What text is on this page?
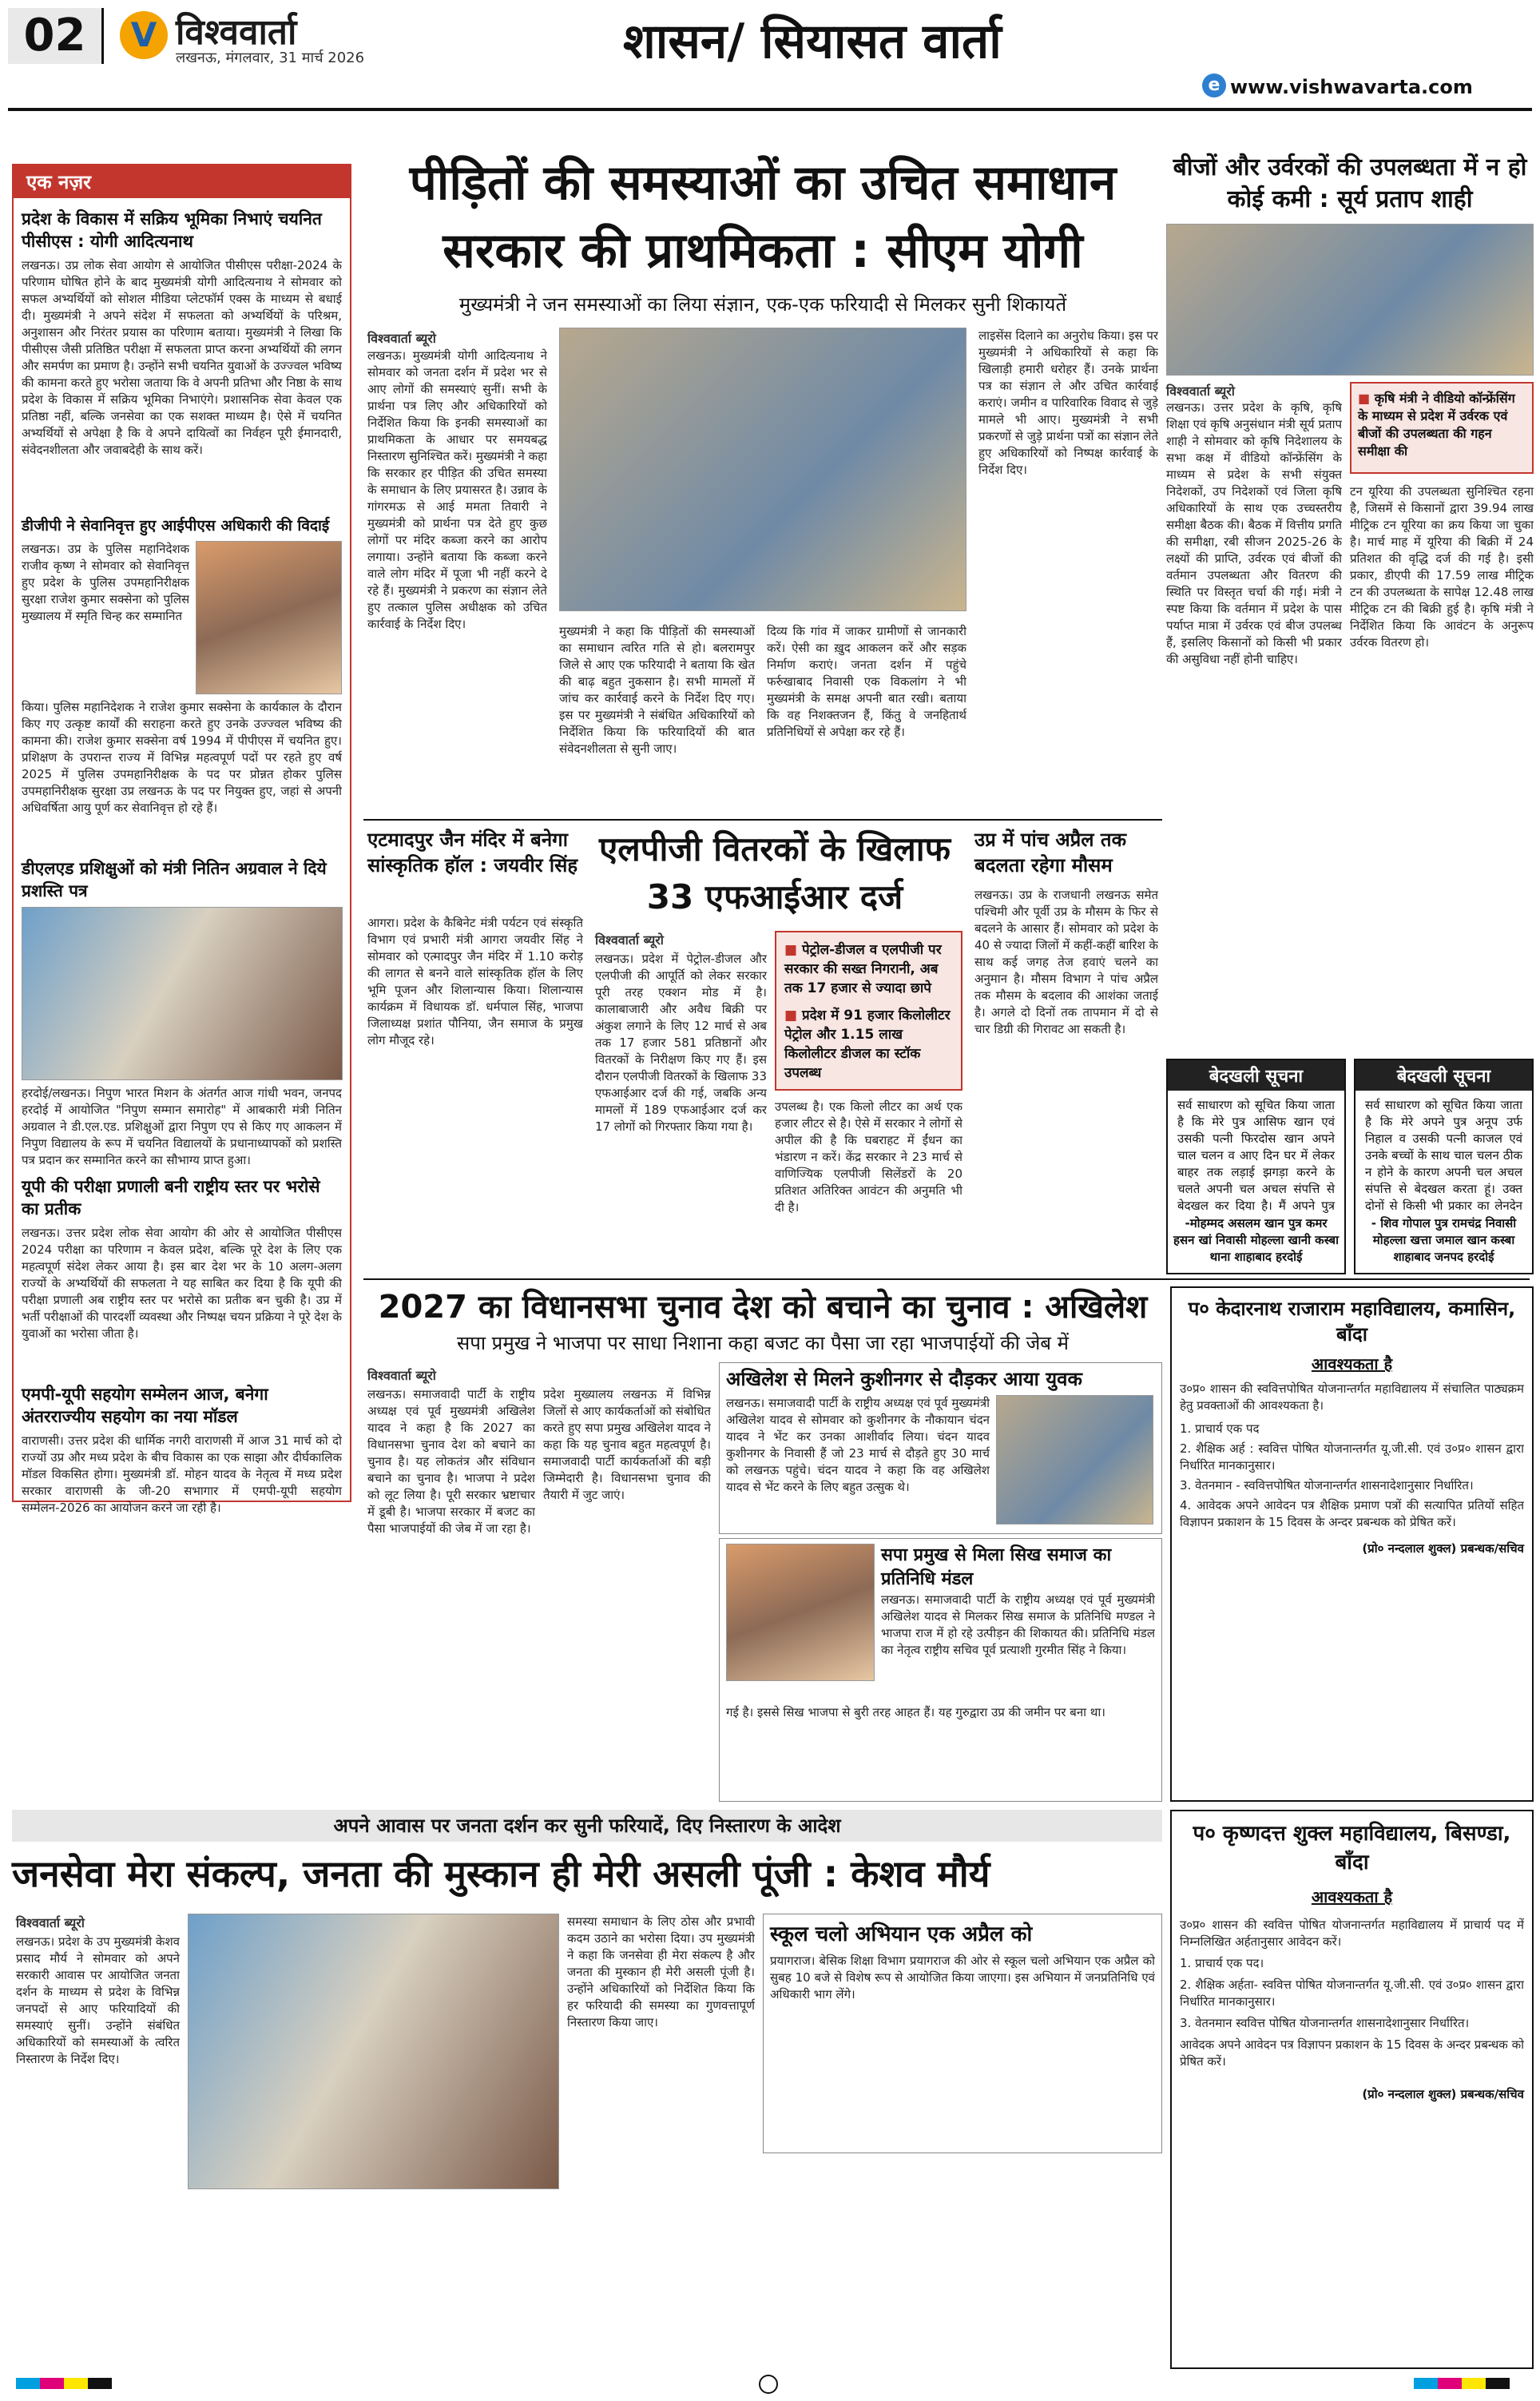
02	V विश्ववार्ता
लखनऊ, मंगलवार, 31 मार्च 2026	शासन/ सियासत वार्ता
e www.vishwavarta.com
एक नज़र
प्रदेश के विकास में सक्रिय भूमिका निभाएं चयनित पीसीएस : योगी आदित्यनाथ
लखनऊ। उप्र लोक सेवा आयोग से आयोजित पीसीएस परीक्षा-2024 के परिणाम घोषित होने के बाद मुख्यमंत्री योगी आदित्यनाथ ने सोमवार को सफल अभ्यर्थियों को सोशल मीडिया प्लेटफॉर्म एक्स के माध्यम से बधाई दी। मुख्यमंत्री ने अपने संदेश में सफलता को अभ्यर्थियों के परिश्रम, अनुशासन और निरंतर प्रयास का परिणाम बताया। मुख्यमंत्री ने लिखा कि पीसीएस जैसी प्रतिष्ठित परीक्षा में सफलता प्राप्त करना अभ्यर्थियों की लगन और समर्पण का प्रमाण है। उन्होंने सभी चयनित युवाओं के उज्ज्वल भविष्य की कामना करते हुए भरोसा जताया कि वे अपनी प्रतिभा और निष्ठा के साथ प्रदेश के विकास में सक्रिय भूमिका निभाएंगे। प्रशासनिक सेवा केवल एक प्रतिष्ठा नहीं, बल्कि जनसेवा का एक सशक्त माध्यम है। ऐसे में चयनित अभ्यर्थियों से अपेक्षा है कि वे अपने दायित्वों का निर्वहन पूरी ईमानदारी, संवेदनशीलता और जवाबदेही के साथ करें।
डीजीपी ने सेवानिवृत्त हुए आईपीएस अधिकारी की विदाई
लखनऊ। उप्र के पुलिस महानिदेशक राजीव कृष्ण ने सोमवार को सेवानिवृत्त हुए प्रदेश के पुलिस उपमहानिरीक्षक सुरक्षा राजेश कुमार सक्सेना को पुलिस मुख्यालय में स्मृति चिन्ह कर सम्मानित
किया। पुलिस महानिदेशक ने राजेश कुमार सक्सेना के कार्यकाल के दौरान किए गए उत्कृष्ट कार्यों की सराहना करते हुए उनके उज्ज्वल भविष्य की कामना की। राजेश कुमार सक्सेना वर्ष 1994 में पीपीएस में चयनित हुए। प्रशिक्षण के उपरान्त राज्य में विभिन्न महत्वपूर्ण पदों पर रहते हुए वर्ष 2025 में पुलिस उपमहानिरीक्षक के पद पर प्रोन्नत होकर पुलिस उपमहानिरीक्षक सुरक्षा उप्र लखनऊ के पद पर नियुक्त हुए, जहां से अपनी अधिवर्षिता आयु पूर्ण कर सेवानिवृत्त हो रहे हैं।
डीएलएड प्रशिक्षुओं को मंत्री नितिन अग्रवाल ने दिये प्रशस्ति पत्र
हरदोई/लखनऊ। निपुण भारत मिशन के अंतर्गत आज गांधी भवन, जनपद हरदोई में आयोजित "निपुण सम्मान समारोह" में आबकारी मंत्री नितिन अग्रवाल ने डी.एल.एड. प्रशिक्षुओं द्वारा निपुण एप से किए गए आकलन में निपुण विद्यालय के रूप में चयनित विद्यालयों के प्रधानाध्यापकों को प्रशस्ति पत्र प्रदान कर सम्मानित करने का सौभाग्य प्राप्त हुआ।
यूपी की परीक्षा प्रणाली बनी राष्ट्रीय स्तर पर भरोसे का प्रतीक
लखनऊ। उत्तर प्रदेश लोक सेवा आयोग की ओर से आयोजित पीसीएस 2024 परीक्षा का परिणाम न केवल प्रदेश, बल्कि पूरे देश के लिए एक महत्वपूर्ण संदेश लेकर आया है। इस बार देश भर के 10 अलग-अलग राज्यों के अभ्यर्थियों की सफलता ने यह साबित कर दिया है कि यूपी की परीक्षा प्रणाली अब राष्ट्रीय स्तर पर भरोसे का प्रतीक बन चुकी है। उप्र में भर्ती परीक्षाओं की पारदर्शी व्यवस्था और निष्पक्ष चयन प्रक्रिया ने पूरे देश के युवाओं का भरोसा जीता है।
एमपी-यूपी सहयोग सम्मेलन आज, बनेगा अंतरराज्यीय सहयोग का नया मॉडल
वाराणसी। उत्तर प्रदेश की धार्मिक नगरी वाराणसी में आज 31 मार्च को दो राज्यों उप्र और मध्य प्रदेश के बीच विकास का एक साझा और दीर्घकालिक मॉडल विकसित होगा। मुख्यमंत्री डॉ. मोहन यादव के नेतृत्व में मध्य प्रदेश सरकार वाराणसी के जी-20 सभागार में एमपी-यूपी सहयोग सम्मेलन-2026 का आयोजन करने जा रही है।
पीड़ितों की समस्याओं का उचित समाधान
सरकार की प्राथमिकता : सीएम योगी
मुख्यमंत्री ने जन समस्याओं का लिया संज्ञान, एक-एक फरियादी से मिलकर सुनी शिकायतें
विश्ववार्ता ब्यूरो
लखनऊ। मुख्यमंत्री योगी आदित्यनाथ ने सोमवार को जनता दर्शन में प्रदेश भर से आए लोगों की समस्याएं सुनीं। सभी के प्रार्थना पत्र लिए और अधिकारियों को निर्देशित किया कि इनकी समस्याओं का प्राथमिकता के आधार पर समयबद्ध निस्तारण सुनिश्चित करें। मुख्यमंत्री ने कहा कि सरकार हर पीड़ित की उचित समस्या के समाधान के लिए प्रयासरत है। उन्नाव के गांगरमऊ से आई ममता तिवारी ने मुख्यमंत्री को प्रार्थना पत्र देते हुए कुछ लोगों पर मंदिर कब्जा करने का आरोप लगाया। उन्होंने बताया कि कब्जा करने वाले लोग मंदिर में पूजा भी नहीं करने दे रहे हैं। मुख्यमंत्री ने प्रकरण का संज्ञान लेते हुए तत्काल पुलिस अधीक्षक को उचित कार्रवाई के निर्देश दिए।
लाइसेंस दिलाने का अनुरोध किया। इस पर मुख्यमंत्री ने अधिकारियों से कहा कि खिलाड़ी हमारी धरोहर हैं। उनके प्रार्थना पत्र का संज्ञान ले और उचित कार्रवाई कराएं। जमीन व पारिवारिक विवाद से जुड़े मामले भी आए। मुख्यमंत्री ने सभी प्रकरणों से जुड़े प्रार्थना पत्रों का संज्ञान लेते हुए अधिकारियों को निष्पक्ष कार्रवाई के निर्देश दिए।
मुख्यमंत्री ने कहा कि पीड़ितों की समस्याओं का समाधान त्वरित गति से हो। बलरामपुर जिले से आए एक फरियादी ने बताया कि खेत की बाढ़ बहुत नुकसान है। सभी मामलों में जांच कर कार्रवाई करने के निर्देश दिए गए। इस पर मुख्यमंत्री ने संबंधित अधिकारियों को निर्देशित किया कि फरियादियों की बात संवेदनशीलता से सुनी जाए।
दिव्य कि गांव में जाकर ग्रामीणों से जानकारी करें। ऐसी का ख़ुद आकलन करें और सड़क निर्माण कराएं। जनता दर्शन में पहुंचे फर्रुखाबाद निवासी एक विकलांग ने भी मुख्यमंत्री के समक्ष अपनी बात रखी। बताया कि वह निशक्तजन हैं, किंतु वे जनहितार्थ प्रतिनिधियों से अपेक्षा कर रहे हैं।
एटमादपुर जैन मंदिर में बनेगा सांस्कृतिक हॉल : जयवीर सिंह
आगरा। प्रदेश के कैबिनेट मंत्री पर्यटन एवं संस्कृति विभाग एवं प्रभारी मंत्री आगरा जयवीर सिंह ने सोमवार को एत्मादपुर जैन मंदिर में 1.10 करोड़ की लागत से बनने वाले सांस्कृतिक हॉल के लिए भूमि पूजन और शिलान्यास किया। शिलान्यास कार्यक्रम में विधायक डॉ. धर्मपाल सिंह, भाजपा जिलाध्यक्ष प्रशांत पौनिया, जैन समाज के प्रमुख लोग मौजूद रहे।
एलपीजी वितरकों के खिलाफ
33 एफआईआर दर्ज
विश्ववार्ता ब्यूरो
लखनऊ। प्रदेश में पेट्रोल-डीजल और एलपीजी की आपूर्ति को लेकर सरकार पूरी तरह एक्शन मोड में है। कालाबाजारी और अवैध बिक्री पर अंकुश लगाने के लिए 12 मार्च से अब तक 17 हजार 581 प्रतिष्ठानों और वितरकों के निरीक्षण किए गए हैं। इस दौरान एलपीजी वितरकों के खिलाफ 33 एफआईआर दर्ज की गई, जबकि अन्य मामलों में 189 एफआईआर दर्ज कर 17 लोगों को गिरफ्तार किया गया है।
■ पेट्रोल-डीजल व एलपीजी पर सरकार की सख्त निगरानी, अब तक 17 हजार से ज्यादा छापे
■ प्रदेश में 91 हजार किलोलीटर पेट्रोल और 1.15 लाख किलोलीटर डीजल का स्टॉक उपलब्ध
उपलब्ध है। एक किलो लीटर का अर्थ एक हजार लीटर से है। ऐसे में सरकार ने लोगों से अपील की है कि घबराहट में ईंधन का भंडारण न करें। केंद्र सरकार ने 23 मार्च से वाणिज्यिक एलपीजी सिलेंडरों के 20 प्रतिशत अतिरिक्त आवंटन की अनुमति भी दी है।
उप्र में पांच अप्रैल तक बदलता रहेगा मौसम
लखनऊ। उप्र के राजधानी लखनऊ समेत पश्चिमी और पूर्वी उप्र के मौसम के फिर से बदलने के आसार हैं। सोमवार को प्रदेश के 40 से ज्यादा जिलों में कहीं-कहीं बारिश के साथ कई जगह तेज हवाएं चलने का अनुमान है। मौसम विभाग ने पांच अप्रैल तक मौसम के बदलाव की आशंका जताई है। अगले दो दिनों तक तापमान में दो से चार डिग्री की गिरावट आ सकती है।
बीजों और उर्वरकों की उपलब्धता में न हो कोई कमी : सूर्य प्रताप शाही
विश्ववार्ता ब्यूरो	■ कृषि मंत्री ने वीडियो कॉन्फ्रेंसिंग के माध्यम से प्रदेश में उर्वरक एवं बीजों की उपलब्धता की गहन समीक्षा की
लखनऊ। उत्तर प्रदेश के कृषि, कृषि शिक्षा एवं कृषि अनुसंधान मंत्री सूर्य प्रताप शाही ने सोमवार को कृषि निदेशालय के सभा कक्ष में वीडियो कॉन्फ्रेंसिंग के माध्यम से प्रदेश के सभी संयुक्त निदेशकों, उप निदेशकों एवं जिला कृषि अधिकारियों के साथ एक उच्चस्तरीय समीक्षा बैठक की। बैठक में वित्तीय प्रगति की समीक्षा, रबी सीजन 2025-26 के लक्ष्यों की प्राप्ति, उर्वरक एवं बीजों की वर्तमान उपलब्धता और वितरण की स्थिति पर विस्तृत चर्चा की गई। मंत्री ने स्पष्ट किया कि वर्तमान में प्रदेश के पास पर्याप्त मात्रा में उर्वरक एवं बीज उपलब्ध हैं, इसलिए किसानों को किसी भी प्रकार की असुविधा नहीं होनी चाहिए।
टन यूरिया की उपलब्धता सुनिश्चित रहना है, जिसमें से किसानों द्वारा 39.94 लाख मीट्रिक टन यूरिया का क्रय किया जा चुका है। मार्च माह में यूरिया की बिक्री में 24 प्रतिशत की वृद्धि दर्ज की गई है। इसी प्रकार, डीएपी की 17.59 लाख मीट्रिक टन की उपलब्धता के सापेक्ष 12.48 लाख मीट्रिक टन की बिक्री हुई है। कृषि मंत्री ने निर्देशित किया कि आवंटन के अनुरूप उर्वरक वितरण हो।
बेदखली सूचना
सर्व साधारण को सूचित किया जाता है कि मेरे पुत्र आसिफ खान एवं उसकी पत्नी फिरदोस खान अपने चाल चलन व आए दिन घर में लेकर बाहर तक लड़ाई झगड़ा करने के चलते अपनी चल अचल संपत्ति से बेदखल कर दिया है। मैं अपने पुत्र
-मोहम्मद असलम खान पुत्र कमर हसन खां निवासी मोहल्ला खानी कस्बा थाना शाहाबाद हरदोई
बेदखली सूचना
सर्व साधारण को सूचित किया जाता है कि मेरे अपने पुत्र अनूप उर्फ निहाल व उसकी पत्नी काजल एवं उनके बच्चों के साथ चाल चलन ठीक न होने के कारण अपनी चल अचल संपत्ति से बेदखल करता हूं। उक्त दोनों से किसी भी प्रकार का लेनदेन
- शिव गोपाल पुत्र रामचंद्र निवासी मोहल्ला खत्ता जमाल खान कस्बा शाहाबाद जनपद हरदोई
2027 का विधानसभा चुनाव देश को बचाने का चुनाव : अखिलेश
सपा प्रमुख ने भाजपा पर साधा निशाना कहा बजट का पैसा जा रहा भाजपाईयों की जेब में
विश्ववार्ता ब्यूरो
लखनऊ। समाजवादी पार्टी के राष्ट्रीय अध्यक्ष एवं पूर्व मुख्यमंत्री अखिलेश यादव ने कहा है कि 2027 का विधानसभा चुनाव देश को बचाने का चुनाव है। यह लोकतंत्र और संविधान बचाने का चुनाव है। भाजपा ने प्रदेश को लूट लिया है। पूरी सरकार भ्रष्टाचार में डूबी है। भाजपा सरकार में बजट का पैसा भाजपाईयों की जेब में जा रहा है।
प्रदेश मुख्यालय लखनऊ में विभिन्न जिलों से आए कार्यकर्ताओं को संबोधित करते हुए सपा प्रमुख अखिलेश यादव ने कहा कि यह चुनाव बहुत महत्वपूर्ण है। समाजवादी पार्टी कार्यकर्ताओं की बड़ी जिम्मेदारी है। विधानसभा चुनाव की तैयारी में जुट जाएं।
अखिलेश से मिलने कुशीनगर से दौड़कर आया युवक
लखनऊ। समाजवादी पार्टी के राष्ट्रीय अध्यक्ष एवं पूर्व मुख्यमंत्री अखिलेश यादव से सोमवार को कुशीनगर के नौकायान चंदन यादव ने भेंट कर उनका आशीर्वाद लिया। चंदन यादव कुशीनगर के निवासी हैं जो 23 मार्च से दौड़ते हुए 30 मार्च को लखनऊ पहुंचे। चंदन यादव ने कहा कि वह अखिलेश यादव से भेंट करने के लिए बहुत उत्सुक थे।
सपा प्रमुख से मिला सिख समाज का प्रतिनिधि मंडल
लखनऊ। समाजवादी पार्टी के राष्ट्रीय अध्यक्ष एवं पूर्व मुख्यमंत्री अखिलेश यादव से मिलकर सिख समाज के प्रतिनिधि मण्डल ने भाजपा राज में हो रहे उत्पीड़न की शिकायत की। प्रतिनिधि मंडल का नेतृत्व राष्ट्रीय सचिव पूर्व प्रत्याशी गुरमीत सिंह ने किया।
गई है। इससे सिख भाजपा से बुरी तरह आहत हैं। यह गुरुद्वारा उप्र की जमीन पर बना था।
प० केदारनाथ राजाराम महाविद्यालय, कमासिन, बाँदा
आवश्यकता है
उ०प्र० शासन की स्ववित्तपोषित योजनान्तर्गत महाविद्यालय में संचालित पाठ्यक्रम हेतु प्रवक्ताओं की आवश्यकता है।
1. प्राचार्य एक पद
2. शैक्षिक अर्ह : स्ववित्त पोषित योजनान्तर्गत यू.जी.सी. एवं उ०प्र० शासन द्वारा निर्धारित मानकानुसार।
3. वेतनमान - स्ववित्तपोषित योजनान्तर्गत शासनादेशानुसार निर्धारित।
4. आवेदक अपने आवेदन पत्र शैक्षिक प्रमाण पत्रों की सत्यापित प्रतियों सहित विज्ञापन प्रकाशन के 15 दिवस के अन्दर प्रबन्धक को प्रेषित करें।
(प्रो० नन्दलाल शुक्ल) प्रबन्धक/सचिव
अपने आवास पर जनता दर्शन कर सुनी फरियादें, दिए निस्तारण के आदेश
जनसेवा मेरा संकल्प, जनता की मुस्कान ही मेरी असली पूंजी : केशव मौर्य
विश्ववार्ता ब्यूरो
लखनऊ। प्रदेश के उप मुख्यमंत्री केशव प्रसाद मौर्य ने सोमवार को अपने सरकारी आवास पर आयोजित जनता दर्शन के माध्यम से प्रदेश के विभिन्न जनपदों से आए फरियादियों की समस्याएं सुनीं। उन्होंने संबंधित अधिकारियों को समस्याओं के त्वरित निस्तारण के निर्देश दिए।
समस्या समाधान के लिए ठोस और प्रभावी कदम उठाने का भरोसा दिया। उप मुख्यमंत्री ने कहा कि जनसेवा ही मेरा संकल्प है और जनता की मुस्कान ही मेरी असली पूंजी है। उन्होंने अधिकारियों को निर्देशित किया कि हर फरियादी की समस्या का गुणवत्तापूर्ण निस्तारण किया जाए।
स्कूल चलो अभियान एक अप्रैल को
प्रयागराज। बेसिक शिक्षा विभाग प्रयागराज की ओर से स्कूल चलो अभियान एक अप्रैल को सुबह 10 बजे से विशेष रूप से आयोजित किया जाएगा। इस अभियान में जनप्रतिनिधि एवं अधिकारी भाग लेंगे।
प० कृष्णदत्त शुक्ल महाविद्यालय, बिसण्डा, बाँदा
आवश्यकता है
उ०प्र० शासन की स्ववित्त पोषित योजनान्तर्गत महाविद्यालय में प्राचार्य पद में निम्नलिखित अर्हतानुसार आवेदन करें।
1. प्राचार्य एक पद।
2. शैक्षिक अर्हता- स्ववित्त पोषित योजनान्तर्गत यू.जी.सी. एवं उ०प्र० शासन द्वारा निर्धारित मानकानुसार।
3. वेतनमान स्ववित्त पोषित योजनान्तर्गत शासनादेशानुसार निर्धारित।
आवेदक अपने आवेदन पत्र विज्ञापन प्रकाशन के 15 दिवस के अन्दर प्रबन्धक को प्रेषित करें।
(प्रो० नन्दलाल शुक्ल) प्रबन्धक/सचिव
